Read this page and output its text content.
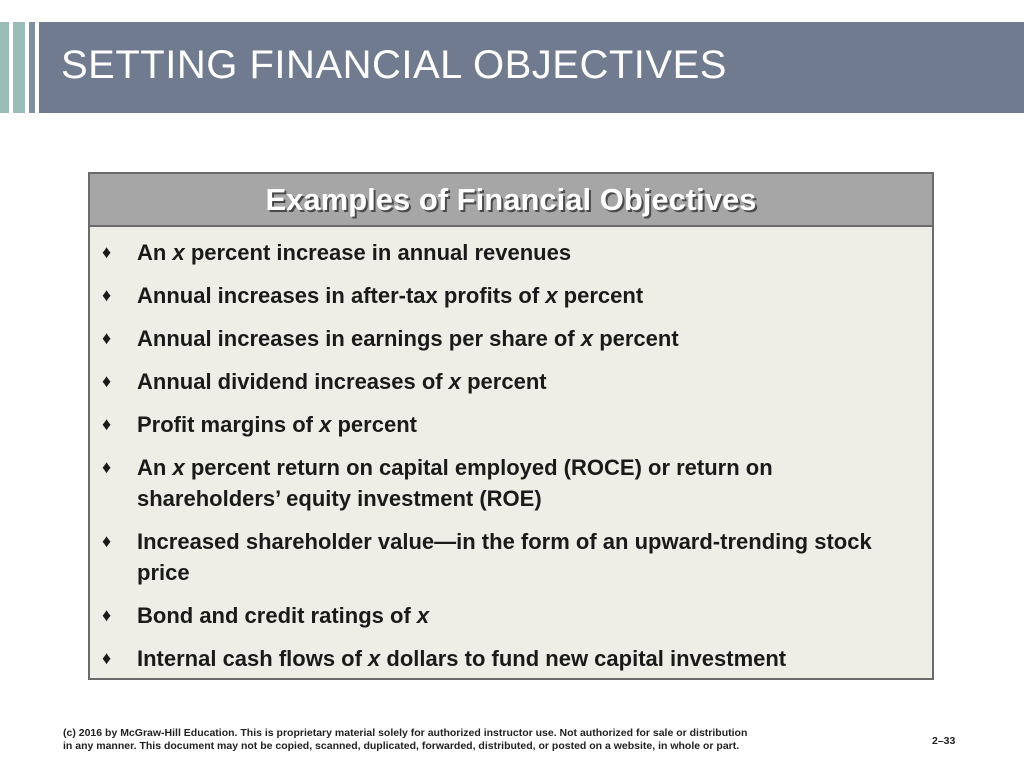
SETTING FINANCIAL OBJECTIVES
Examples of Financial Objectives
♦	An x percent increase in annual revenues
♦	Annual increases in after-tax profits of x percent
♦	Annual increases in earnings per share of x percent
♦	Annual dividend increases of x percent
♦	Profit margins of x percent
♦	An x percent return on capital employed (ROCE) or return on shareholders’ equity investment (ROE)
♦	Increased shareholder value—in the form of an upward-trending stock price
♦	Bond and credit ratings of x
♦	Internal cash flows of x dollars to fund new capital investment
(c) 2016 by McGraw-Hill Education. This is proprietary material solely for authorized instructor use. Not authorized for sale or distribution
in any manner. This document may not be copied, scanned, duplicated, forwarded, distributed, or posted on a website, in whole or part.	2–33
